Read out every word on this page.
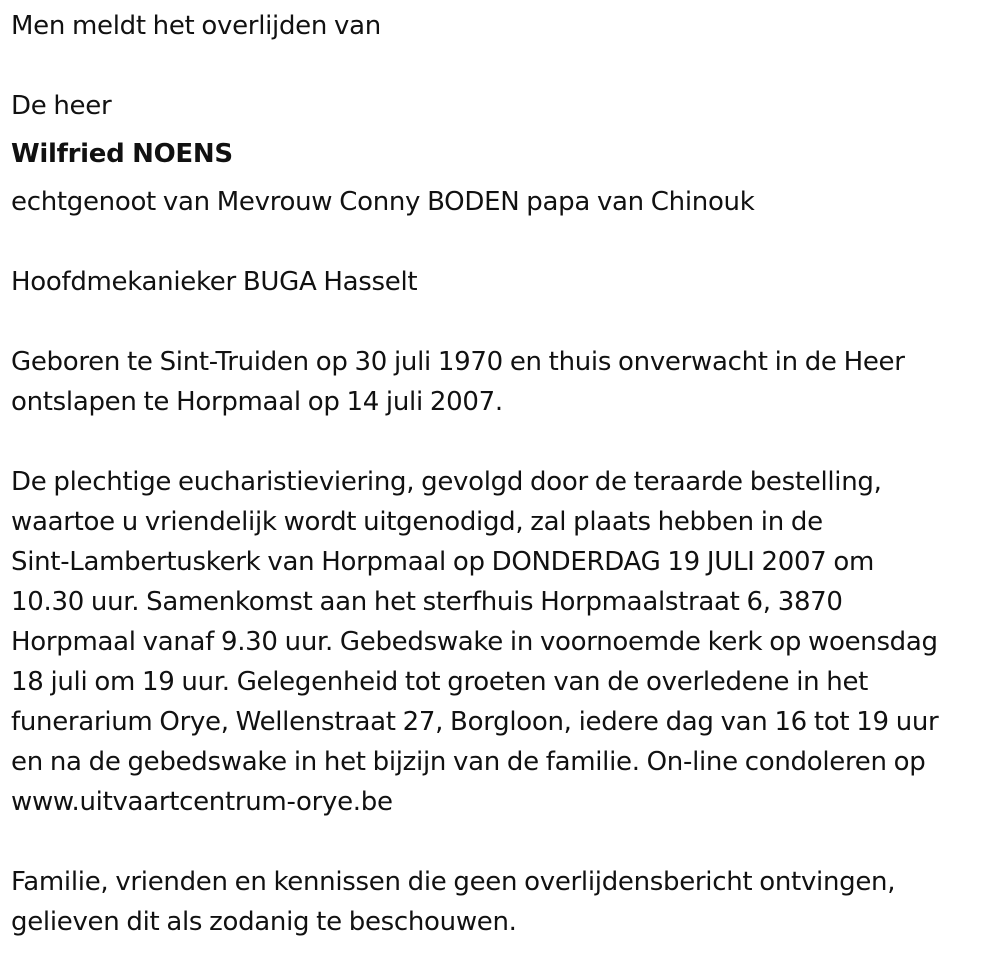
Men meldt het overlijden van
De heer
Wilfried NOENS
echtgenoot van Mevrouw Conny BODEN papa van Chinouk
Hoofdmekanieker BUGA Hasselt
Geboren te Sint-Truiden op 30 juli 1970 en thuis onverwacht in de Heer
ontslapen te Horpmaal op 14 juli 2007.
De plechtige eucharistieviering, gevolgd door de teraarde bestelling,
waartoe u vriendelijk wordt uitgenodigd, zal plaats hebben in de
Sint-Lambertuskerk van Horpmaal op DONDERDAG 19 JULI 2007 om
10.30 uur. Samenkomst aan het sterfhuis Horpmaalstraat 6, 3870
Horpmaal vanaf 9.30 uur. Gebedswake in voornoemde kerk op woensdag
18 juli om 19 uur. Gelegenheid tot groeten van de overledene in het
funerarium Orye, Wellenstraat 27, Borgloon, iedere dag van 16 tot 19 uur
en na de gebedswake in het bijzijn van de familie. On-line condoleren op
www.uitvaartcentrum-orye.be
Familie, vrienden en kennissen die geen overlijdensbericht ontvingen,
gelieven dit als zodanig te beschouwen.
